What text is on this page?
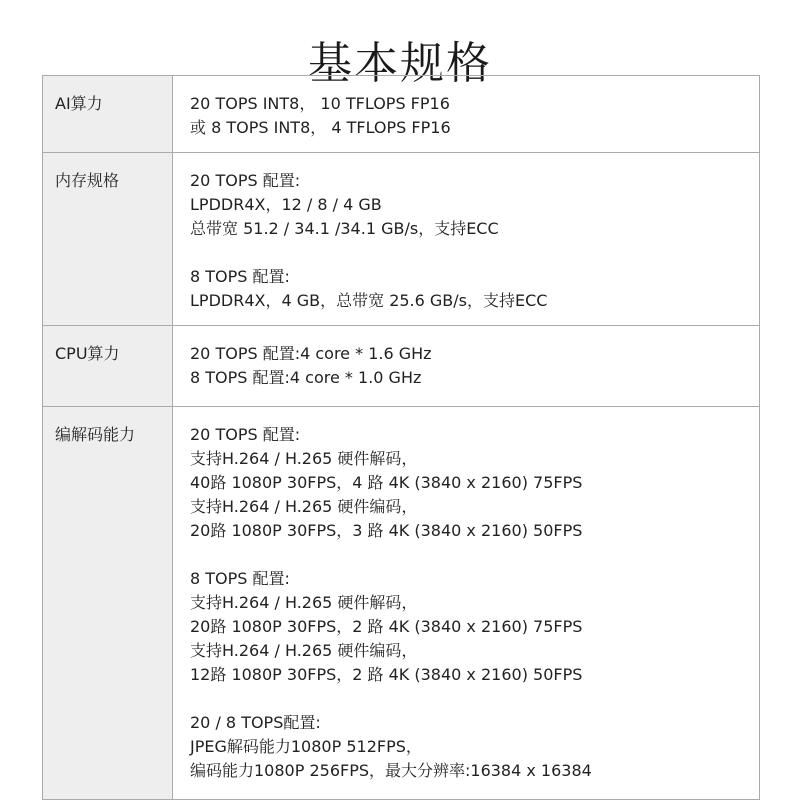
基本规格
AI算力	20 TOPS INT8， 10 TFLOPS FP16
或 8 TOPS INT8， 4 TFLOPS FP16
内存规格	20 TOPS 配置:
LPDDR4X，12 / 8 / 4 GB
总带宽 51.2 / 34.1 /34.1 GB/s，支持ECC
8 TOPS 配置:
LPDDR4X，4 GB，总带宽 25.6 GB/s，支持ECC
CPU算力	20 TOPS 配置:4 core * 1.6 GHz
8 TOPS 配置:4 core * 1.0 GHz
编解码能力	20 TOPS 配置:
支持H.264 / H.265 硬件解码，
40路 1080P 30FPS，4 路 4K (3840 x 2160) 75FPS
支持H.264 / H.265 硬件编码，
20路 1080P 30FPS，3 路 4K (3840 x 2160) 50FPS
8 TOPS 配置:
支持H.264 / H.265 硬件解码，
20路 1080P 30FPS，2 路 4K (3840 x 2160) 75FPS
支持H.264 / H.265 硬件编码，
12路 1080P 30FPS，2 路 4K (3840 x 2160) 50FPS
20 / 8 TOPS配置:
JPEG解码能力1080P 512FPS，
编码能力1080P 256FPS，最大分辨率:16384 x 16384
